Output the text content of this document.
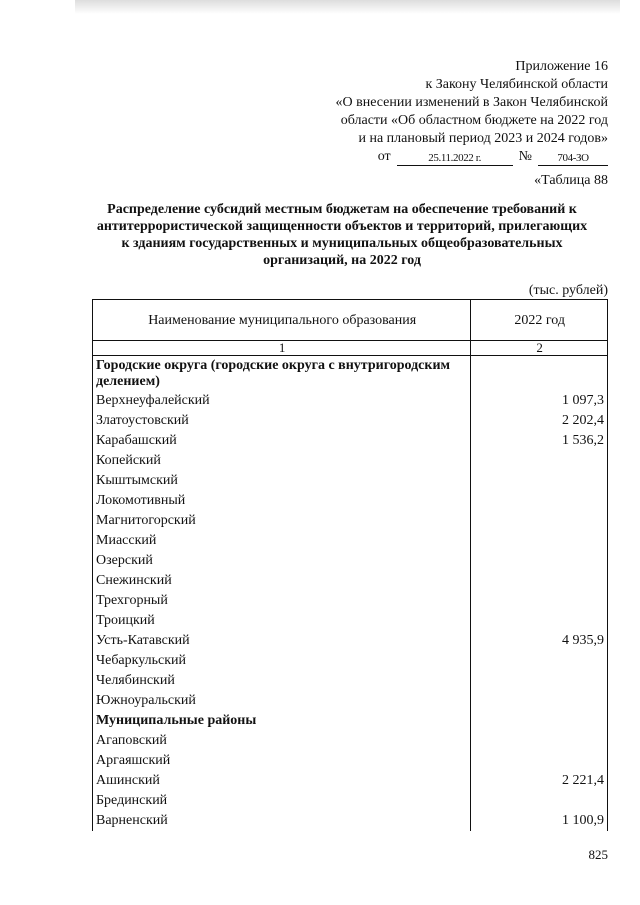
Приложение 16
к Закону Челябинской области
«О внесении изменений в Закон Челябинской
области «Об областном бюджете на 2022 год
и на плановый период 2023 и 2024 годов»
от	25.11.2022 г.	№	704-ЗО
«Таблица 88
Распределение субсидий местным бюджетам на обеспечение требований к антитеррористической защищенности объектов и территорий, прилегающих к зданиям государственных и муниципальных общеобразовательных организаций, на 2022 год
(тыс. рублей)
Наименование муниципального образования	2022 год
1	2
Городские округа (городские округа с внутригородским делением)	
Верхнеуфалейский	1 097,3
Златоустовский	2 202,4
Карабашский	1 536,2
Копейский	
Кыштымский	
Локомотивный	
Магнитогорский	
Миасский	
Озерский	
Снежинский	
Трехгорный	
Троицкий	
Усть-Катавский	4 935,9
Чебаркульский	
Челябинский	
Южноуральский	
Муниципальные районы	
Агаповский	
Аргаяшский	
Ашинский	2 221,4
Брединский	
Варненский	1 100,9
825
